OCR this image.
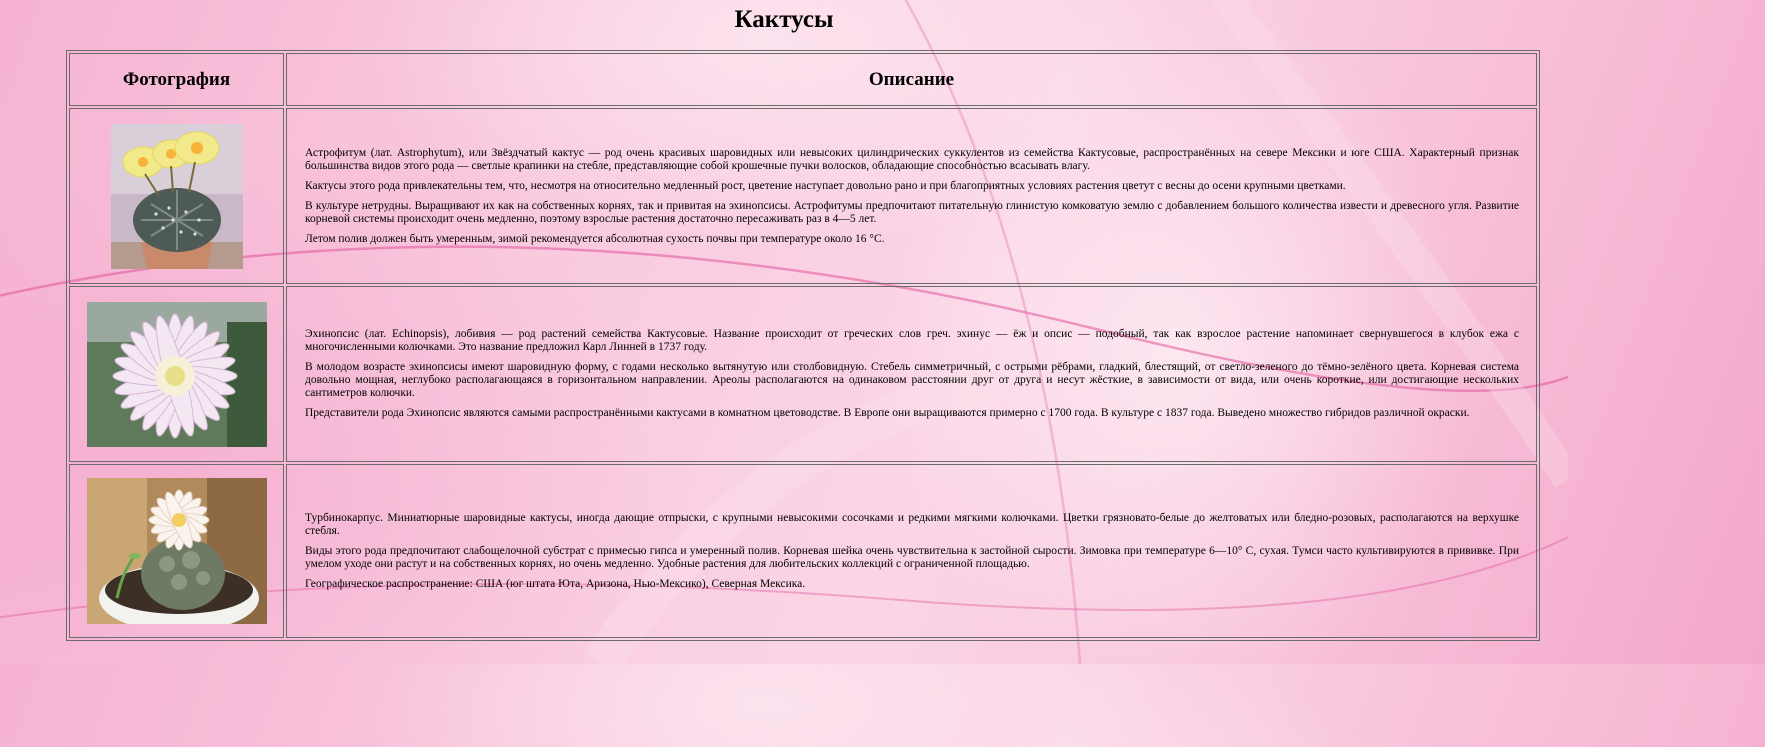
Кактусы
Фотография	Описание

Астрофитум (лат. Astrophytum), или Звёздчатый кактус — род очень красивых шаровидных или невысоких цилиндрических суккулентов из семейства Кактусовые, распространённых на севере Мексики и юге США. Характерный признак большинства видов этого рода — светлые крапинки на стебле, представляющие собой крошечные пучки волосков, обладающие способностью всасывать влагу.

Кактусы этого рода привлекательны тем, что, несмотря на относительно медленный рост, цветение наступает довольно рано и при благоприятных условиях растения цветут с весны до осени крупными цветками.

В культуре нетрудны. Выращивают их как на собственных корнях, так и привитая на эхинопсисы. Астрофитумы предпочитают питательную глинистую комковатую землю с добавлением большого количества извести и древесного угля. Развитие корневой системы происходит очень медленно, поэтому взрослые растения достаточно пересаживать раз в 4—5 лет.

Летом полив должен быть умеренным, зимой рекомендуется абсолютная сухость почвы при температуре около 16 °C.

Эхинопсис (лат. Echinopsis), лобивия — род растений семейства Кактусовые. Название происходит от греческих слов греч. эхинус — ёж и опсис — подобный, так как взрослое растение напоминает свернувшегося в клубок ежа с многочисленными колючками. Это название предложил Карл Линней в 1737 году.

В молодом возрасте эхинопсисы имеют шаровидную форму, с годами несколько вытянутую или столбовидную. Стебель симметричный, с острыми рёбрами, гладкий, блестящий, от светло-зеленого до тёмно-зелёного цвета. Корневая система довольно мощная, неглубоко располагающаяся в горизонтальном направлении. Ареолы располагаются на одинаковом расстоянии друг от друга и несут жёсткие, в зависимости от вида, или очень короткие, или достигающие нескольких сантиметров колючки.

Представители рода Эхинопсис являются самыми распространёнными кактусами в комнатном цветоводстве. В Европе они выращиваются примерно с 1700 года. В культуре с 1837 года. Выведено множество гибридов различной окраски.

Турбинокарпус. Миниатюрные шаровидные кактусы, иногда дающие отпрыски, с крупными невысокими сосочками и редкими мягкими колючками. Цветки грязновато-белые до желтоватых или бледно-розовых, располагаются на верхушке стебля.

Виды этого рода предпочитают слабощелочной субстрат с примесью гипса и умеренный полив. Корневая шейка очень чувствительна к застойной сырости. Зимовка при температуре 6—10° С, сухая. Тумси часто культивируются в прививке. При умелом уходе они растут и на собственных корнях, но очень медленно. Удобные растения для любительских коллекций с ограниченной площадью.

Географическое распространение: США (юг штата Юта, Аризона, Нью-Мексико), Северная Мексика.
